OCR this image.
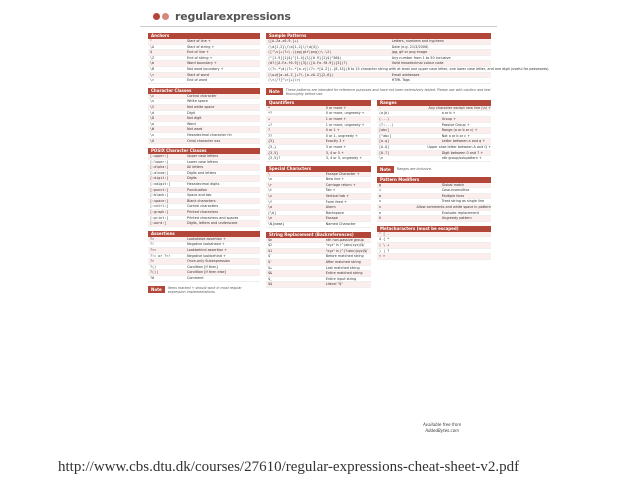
regularexpressions
Anchors
^	Start of line +
\A	Start of string +
$	End of line +
\Z	End of string +
\b	Word boundary +
\B	Not word boundary +
\<	Start of word
\>	End of word
Character Classes
\c	Control character
\s	White space
\S	Not white space
\d	Digit
\D	Not digit
\w	Word
\W	Not word
\x	Hexadecimal character hh
\O	Octal character xxx
POSIX Character Classes
[:upper:]	Upper case letters
[:lower:]	Lower case letters
[:alpha:]	All letters
[:alnum:]	Digits and letters
[:digit:]	Digits
[:xdigit:]	Hexadecimal digits
[:punct:]	Punctuation
[:blank:]	Space and tab
[:space:]	Blank characters
[:cntrl:]	Control characters
[:graph:]	Printed characters
[:print:]	Printed characters and spaces
[:word:]	Digits, letters and underscore
Assertions
?=	Lookahead assertion +
?!	Negative lookahead +
?<=	Lookbehind assertion +
?!= or ?<!	Negative lookbehind +
?>	Once-only Subexpression
?()	Condition [if then]
?()|	Condition [if then else]
?#	Comment
Note	Items marked + should work in most regular expression implementations.
Sample Patterns
([A-Za-z0-9-]+)	Letters, numbers and hyphens
(\d{1,2}\/\d{1,2}\/\d{4})	Date (e.g. 21/3/2006)
([^\s]+(?=\.(jpg|gif|png))\.\2)	jpg, gif or png image
(^[1-9]{1}$|^[1-4]{1}[0-9]{1}$|^50$)	Any number from 1 to 50 inclusive
(#?([A-Fa-f0-9]){3}(([A-Fa-f0-9]){3})?)	Valid hexadecimal colour code
((?=.*\d)(?=.*[a-z])(?=.*[A-Z]).{8,15}) 8 to 15 character string with at least one upper case letter, one lower case letter, and one digit (useful for passwords).
(\w+@[a-zA-Z_]+?\.[a-zA-Z]{2,6})	Email addresses
(\<(/?[^\>]+)\>)	HTML Tags
Note	These patterns are intended for reference purposes and have not been extensively tested. Please use with caution and test thoroughly before use.
Quantifiers
*	0 or more +
*?	0 or more, ungreedy +
+	1 or more +
+?	1 or more, ungreedy +
?	0 or 1 +
??	0 or 1, ungreedy +
{3}	Exactly 3 +
{3,}	3 or more +
{3,5}	3, 4 or 5 +
{3,5}?	3, 4 or 5, ungreedy +
Special Characters
\	Escape Character +
\n	New line +
\r	Carriage return +
\t	Tab +
\v	Vertical tab +
\f	Form feed +
\a	Alarm
[\b]	Backspace
\e	Escape
\N{name}	Named Character
String Replacement (Backreferences)
$n	nth non-passive group
$2	"xyz" in /^(abc(xyz))$/
$1	"xyz" in /^(?:abc)(xyz)$/
$`	Before matched string
$'	After matched string
$+	Last matched string
$&	Entire matched string
$_	Entire input string
$$	Literal "$"
Ranges
.	Any character except new line (\n) +
(a|b)	a or b +
(...)	Group +
(?:...)	Passive Group +
[abc]	Range (a or b or c) +
[^abc]	Not a or b or c +
[a-q]	Letter between a and q +
[A-Q]	Upper case letter between A and Q +
[0-7]	Digit between 0 and 7 +
\n	nth group/subpattern +
Note	Ranges are inclusive.
Pattern Modifiers
g	Global match
i	Case-insensitive
m	Multiple lines
s	Treat string as single line
x	Allow comments and white space in pattern
e	Evaluate replacement
U	Ungreedy pattern
Metacharacters (must be escaped)
^ [ .
$ { *
( \ +
) | ?
< >
Available free from
AddedBytes.com
http://www.cbs.dtu.dk/courses/27610/regular-expressions-cheat-sheet-v2.pdf
